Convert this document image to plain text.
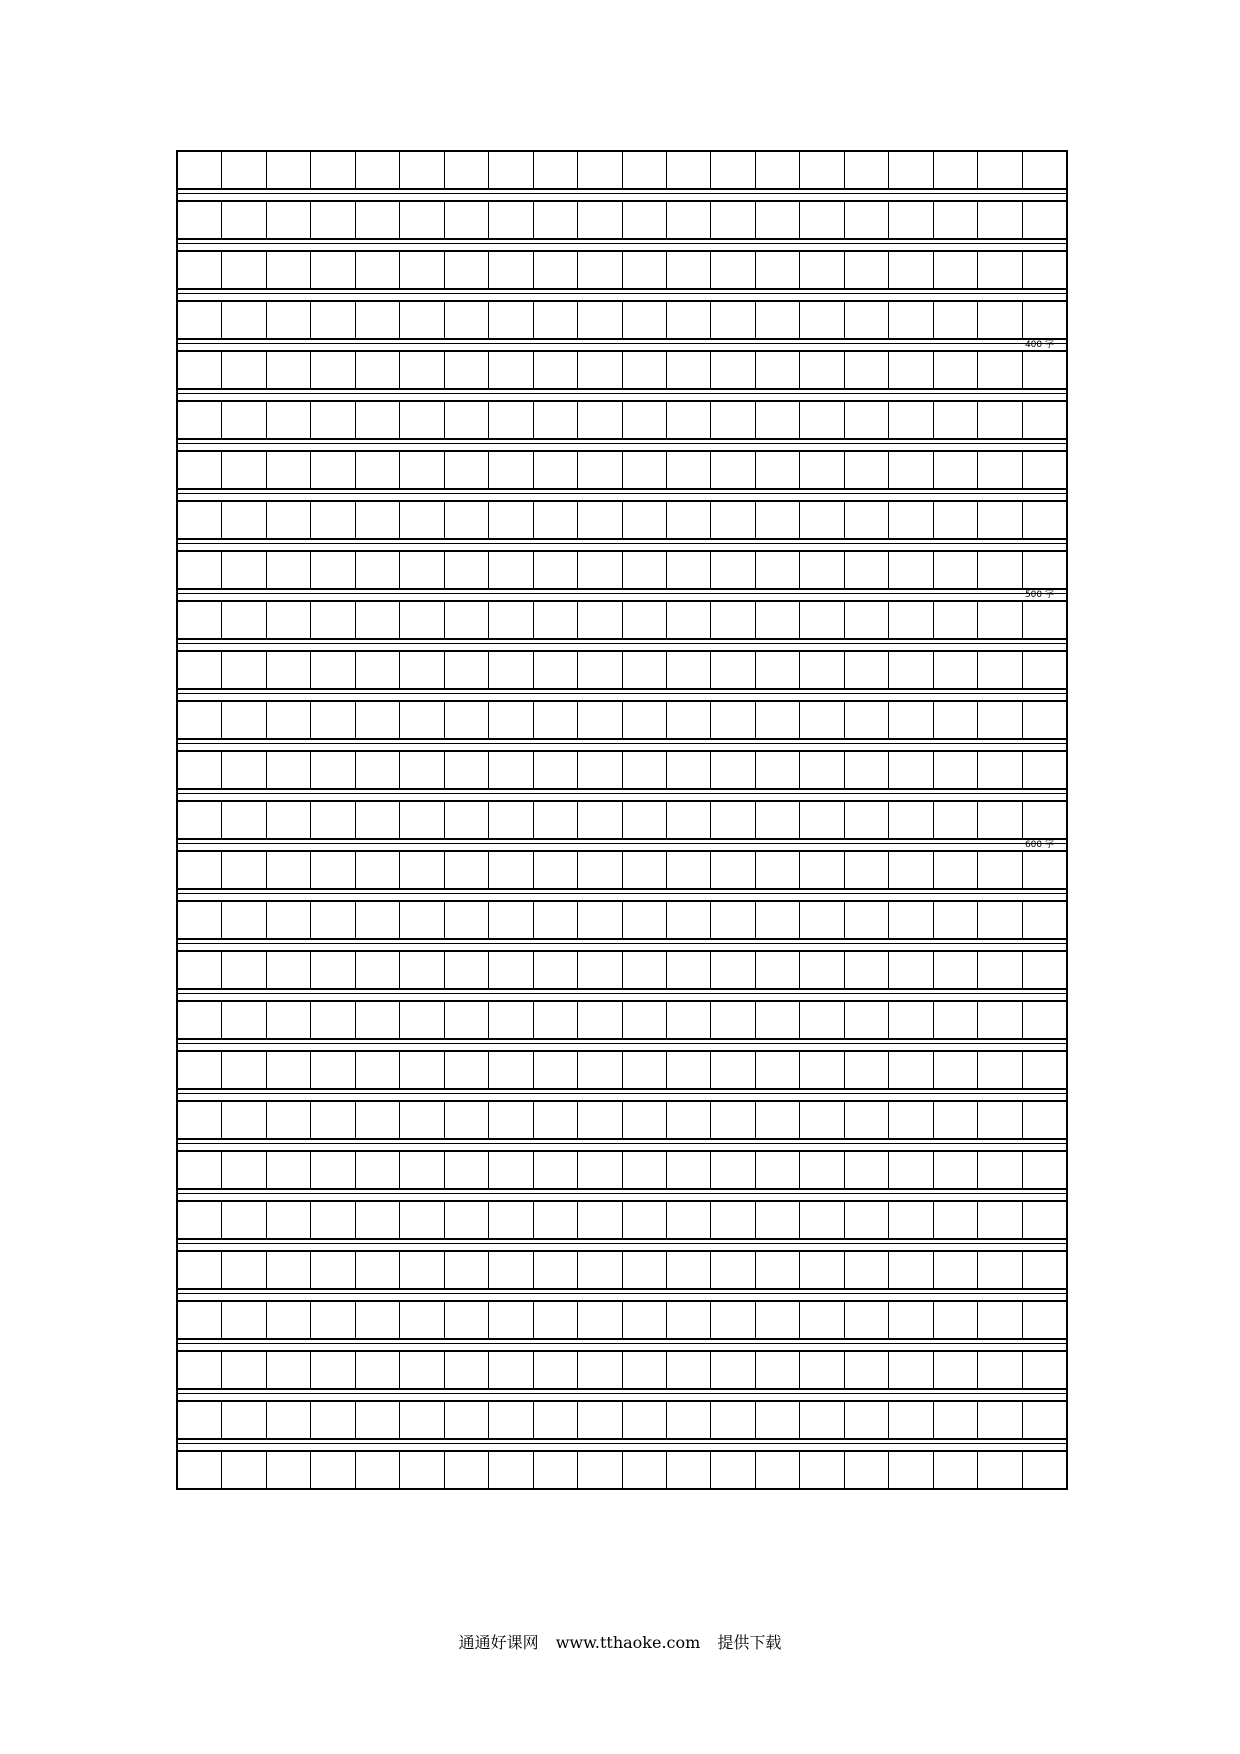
400 字
500 字
600 字
通通好课网 www.tthaoke.com 提供下载
